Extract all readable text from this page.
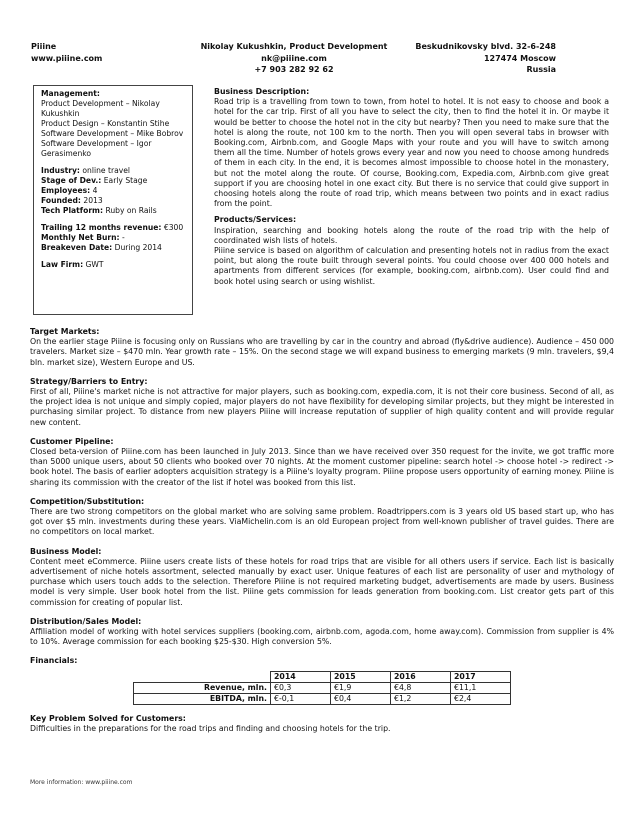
Piiine
www.piiine.com
Nikolay Kukushkin, Product Development
nk@piiine.com
+7 903 282 92 62
Beskudnikovsky blvd. 32-6-248
127474 Moscow
Russia
Management:
Product Development – Nikolay Kukushkin
Product Design – Konstantin Stihe
Software Development – Mike Bobrov
Software Development – Igor Gerasimenko
Industry: online travel
Stage of Dev.: Early Stage
Employees: 4
Founded: 2013
Tech Platform: Ruby on Rails
Trailing 12 months revenue: €300
Monthly Net Burn: -
Breakeven Date: During 2014
Law Firm: GWT
Business Description:

Road trip is a travelling from town to town, from hotel to hotel. It is not easy to choose and book a hotel for the car trip. First of all you have to select the city, then to find the hotel it in. Or maybe it would be better to choose the hotel not in the city but nearby? Then you need to make sure that the hotel is along the route, not 100 km to the north. Then you will open several tabs in browser with Booking.com, Airbnb.com, and Google Maps with your route and you will have to switch among them all the time. Number of hotels grows every year and now you need to choose among hundreds of them in each city. In the end, it is becomes almost impossible to choose hotel in the monastery, but not the motel along the route. Of course, Booking.com, Expedia.com, Airbnb.com give great support if you are choosing hotel in one exact city. But there is no service that could give support in choosing hotels along the route of road trip, which means between two points and in exact radius from the point.

Products/Services:

Inspiration, searching and booking hotels along the route of the road trip with the help of coordinated wish lists of hotels.

Piiine service is based on algorithm of calculation and presenting hotels not in radius from the exact point, but along the route built through several points. You could choose over 400 000 hotels and apartments from different services (for example, booking.com, airbnb.com). User could find and book hotel using search or using wishlist.

Target Markets:

On the earlier stage Piiine is focusing only on Russians who are travelling by car in the country and abroad (fly&drive audience). Audience – 450 000 travelers. Market size – $470 mln. Year growth rate – 15%. On the second stage we will expand business to emerging markets (9 mln. travelers, $9,4 bln. market size), Western Europe and US.

Strategy/Barriers to Entry:

First of all, Piiine's market niche is not attractive for major players, such as booking.com, expedia.com, it is not their core business. Second of all, as the project idea is not unique and simply copied, major players do not have flexibility for developing similar projects, but they might be interested in purchasing similar project. To distance from new players Piiine will increase reputation of supplier of high quality content and will provide regular new content.

Customer Pipeline:

Closed beta-version of Piiine.com has been launched in July 2013. Since than we have received over 350 request for the invite, we got traffic more than 5000 unique users, about 50 clients who booked over 70 nights. At the moment customer pipeline: search hotel -> choose hotel -> redirect -> book hotel. The basis of earlier adopters acquisition strategy is a Piiine's loyalty program. Piiine propose users opportunity of earning money. Piiine is sharing its commission with the creator of the list if hotel was booked from this list.

Competition/Substitution:

There are two strong competitors on the global market who are solving same problem. Roadtrippers.com is 3 years old US based start up, who has got over $5 mln. investments during these years. ViaMichelin.com is an old European project from well-known publisher of travel guides. There are no competitors on local market.

Business Model:

Content meet eCommerce. Piiine users create lists of these hotels for road trips that are visible for all others users if service. Each list is basically advertisement of niche hotels assortment, selected manually by exact user. Unique features of each list are personality of user and mythology of purchase which users touch adds to the selection. Therefore Piiine is not required marketing budget, advertisements are made by users. Business model is very simple. User book hotel from the list. Piiine gets commission for leads generation from booking.com. List creator gets part of this commission for creating of popular list.

Distribution/Sales Model:

Affiliation model of working with hotel services suppliers (booking.com, airbnb.com, agoda.com, home away.com). Commission from supplier is 4% to 10%. Average commission for each booking $25-$30. High conversion 5%.

Financials:
	2014	2015	2016	2017
Revenue, mln.	€0,3	€1,9	€4,8	€11,1
EBITDA, mln.	€-0,1	€0,4	€1,2	€2,4
Key Problem Solved for Customers:

Difficulties in the preparations for the road trips and finding and choosing hotels for the trip.

More information: www.piiine.com
